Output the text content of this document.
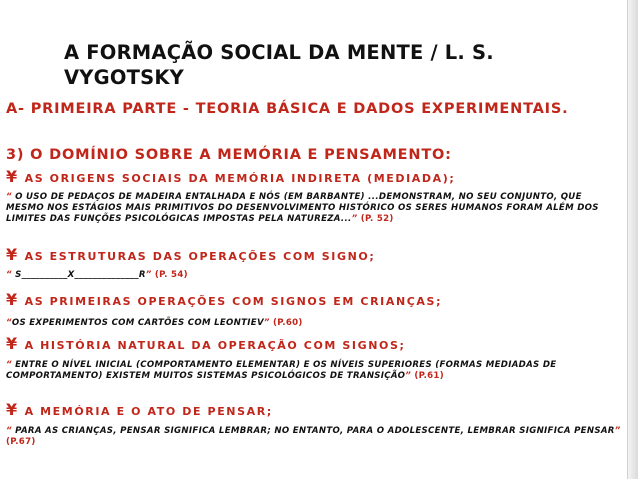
A FORMAÇÃO SOCIAL DA MENTE / L. S. VYGOTSKY
A- PRIMEIRA PARTE - TEORIA BÁSICA E DADOS EXPERIMENTAIS.
3) O DOMÍNIO SOBRE A MEMÓRIA E PENSAMENTO:
¥ AS ORIGENS SOCIAIS DA MEMÓRIA INDIRETA (MEDIADA);
“ O USO DE PEDAÇOS DE MADEIRA ENTALHADA E NÓS (EM BARBANTE) ...DEMONSTRAM, NO SEU CONJUNTO, QUE MESMO NOS ESTÁGIOS MAIS PRIMITIVOS DO DESENVOLVIMENTO HISTÓRICO OS SERES HUMANOS FORAM ALÉM DOS LIMITES DAS FUNÇÕES PSICOLÓGICAS IMPOSTAS PELA NATUREZA...” (P. 52)
¥ AS ESTRUTURAS DAS OPERAÇÕES COM SIGNO;
“ S__________X______________R” (P. 54)
¥ AS PRIMEIRAS OPERAÇÕES COM SIGNOS EM CRIANÇAS;
“OS EXPERIMENTOS COM CARTÕES COM LEONTIEV” (P.60)
¥ A HISTÓRIA NATURAL DA OPERAÇÃO COM SIGNOS;
“ ENTRE O NÍVEL INICIAL (COMPORTAMENTO ELEMENTAR) E OS NÍVEIS SUPERIORES (FORMAS MEDIADAS DE COMPORTAMENTO) EXISTEM MUITOS SISTEMAS PSICOLÓGICOS DE TRANSIÇÃO” (P.61)
¥ A MEMÓRIA E O ATO DE PENSAR;
“ PARA AS CRIANÇAS, PENSAR SIGNIFICA LEMBRAR; NO ENTANTO, PARA O ADOLESCENTE, LEMBRAR SIGNIFICA PENSAR” (P.67)
